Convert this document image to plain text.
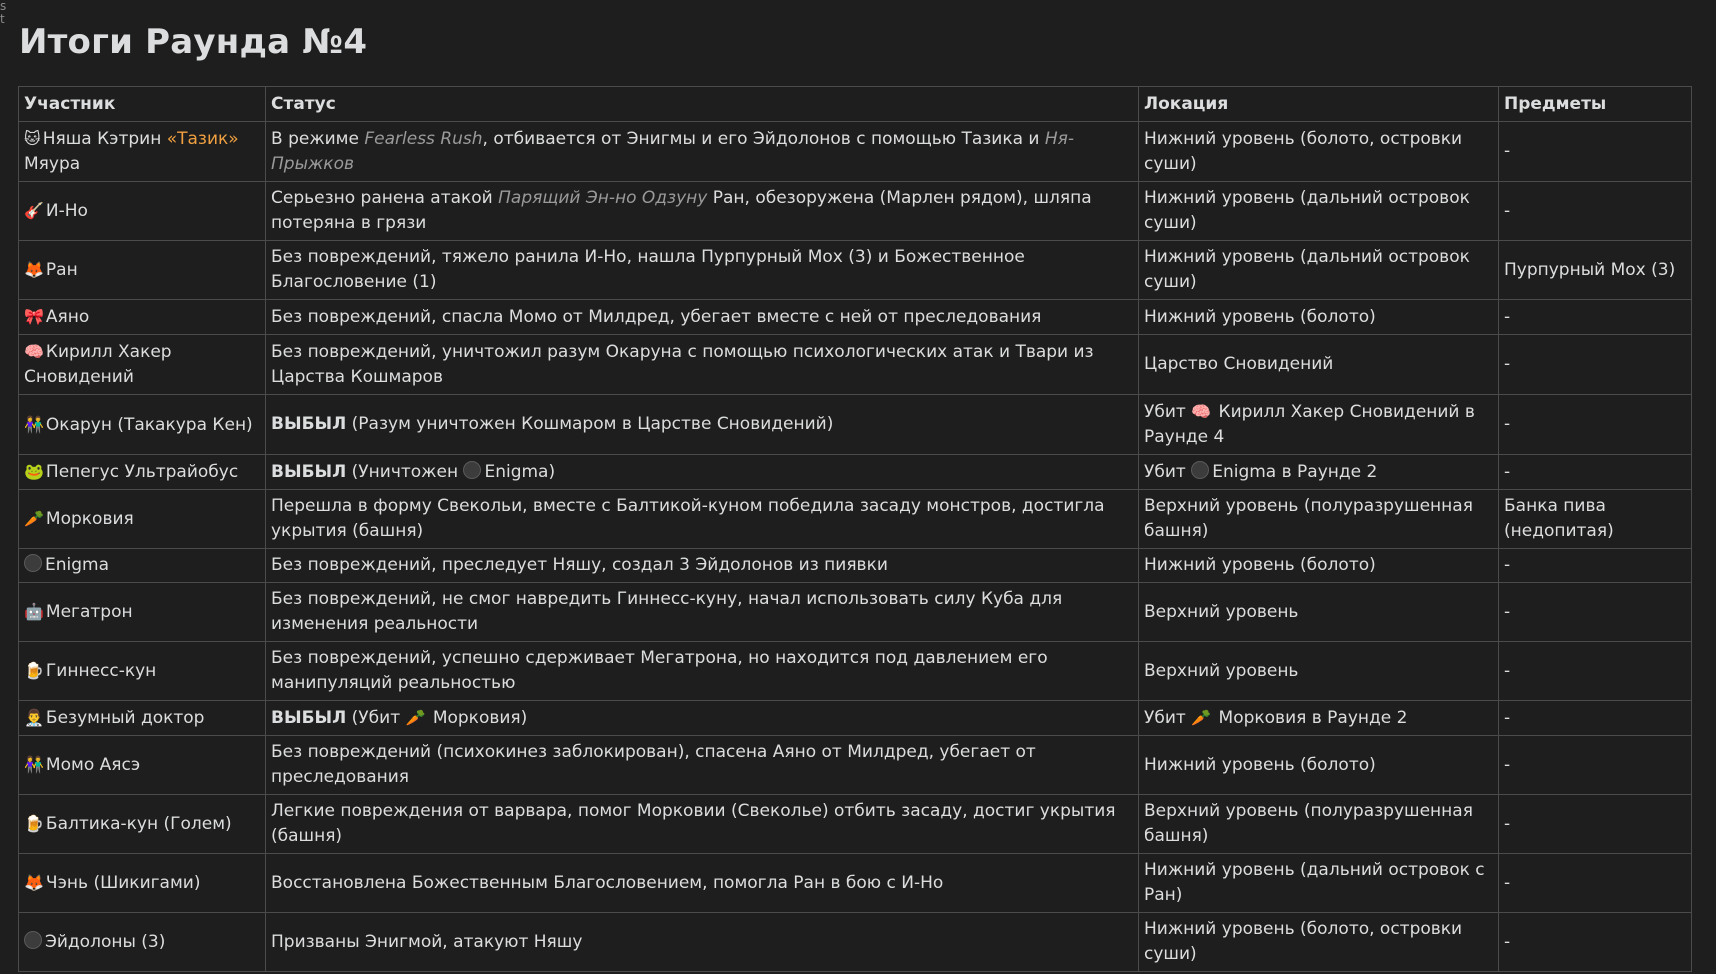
s
t
Итоги Раунда №4
Участник	Статус	Локация	Предметы
🐱 Няша Кэтрин «Тазик» Мяура	В режиме Fearless Rush, отбивается от Энигмы и его Эйдолонов с помощью Тазика и Ня-Прыжков	Нижний уровень (болото, островки суши)	-
🎸 И-Но	Серьезно ранена атакой Парящий Эн-но Одзуну Ран, обезоружена (Марлен рядом), шляпа потеряна в грязи	Нижний уровень (дальний островок суши)	-
🦊 Ран	Без повреждений, тяжело ранила И-Но, нашла Пурпурный Мох (3) и Божественное Благословение (1)	Нижний уровень (дальний островок суши)	Пурпурный Мох (3)
🎀 Аяно	Без повреждений, спасла Момо от Милдред, убегает вместе с ней от преследования	Нижний уровень (болото)	-
🧠 Кирилл Хакер Сновидений	Без повреждений, уничтожил разум Окаруна с помощью психологических атак и Твари из Царства Кошмаров	Царство Сновидений	-
👫 Окарун (Такакура Кен)	ВЫБЫЛ (Разум уничтожен Кошмаром в Царстве Сновидений)	Убит 🧠 Кирилл Хакер Сновидений в Раунде 4	-
🐸 Пепегус Ультрайобус	ВЫБЫЛ (Уничтожен Enigma)	Убит Enigma в Раунде 2	-
🥕 Морковия	Перешла в форму Свекольи, вместе с Балтикой-куном победила засаду монстров, достигла укрытия (башня)	Верхний уровень (полуразрушенная башня)	Банка пива (недопитая)
Enigma	Без повреждений, преследует Няшу, создал 3 Эйдолонов из пиявки	Нижний уровень (болото)	-
🤖 Мегатрон	Без повреждений, не смог навредить Гиннесс-куну, начал использовать силу Куба для изменения реальности	Верхний уровень	-
🍺 Гиннесс-кун	Без повреждений, успешно сдерживает Мегатрона, но находится под давлением его манипуляций реальностью	Верхний уровень	-
👨‍⚕️ Безумный доктор	ВЫБЫЛ (Убит 🥕 Морковия)	Убит 🥕 Морковия в Раунде 2	-
👫 Момо Аясэ	Без повреждений (психокинез заблокирован), спасена Аяно от Милдред, убегает от преследования	Нижний уровень (болото)	-
🍺 Балтика-кун (Голем)	Легкие повреждения от варвара, помог Морковии (Свеколье) отбить засаду, достиг укрытия (башня)	Верхний уровень (полуразрушенная башня)	-
🦊 Чэнь (Шикигами)	Восстановлена Божественным Благословением, помогла Ран в бою с И-Но	Нижний уровень (дальний островок с Ран)	-
Эйдолоны (3)	Призваны Энигмой, атакуют Няшу	Нижний уровень (болото, островки суши)	-
